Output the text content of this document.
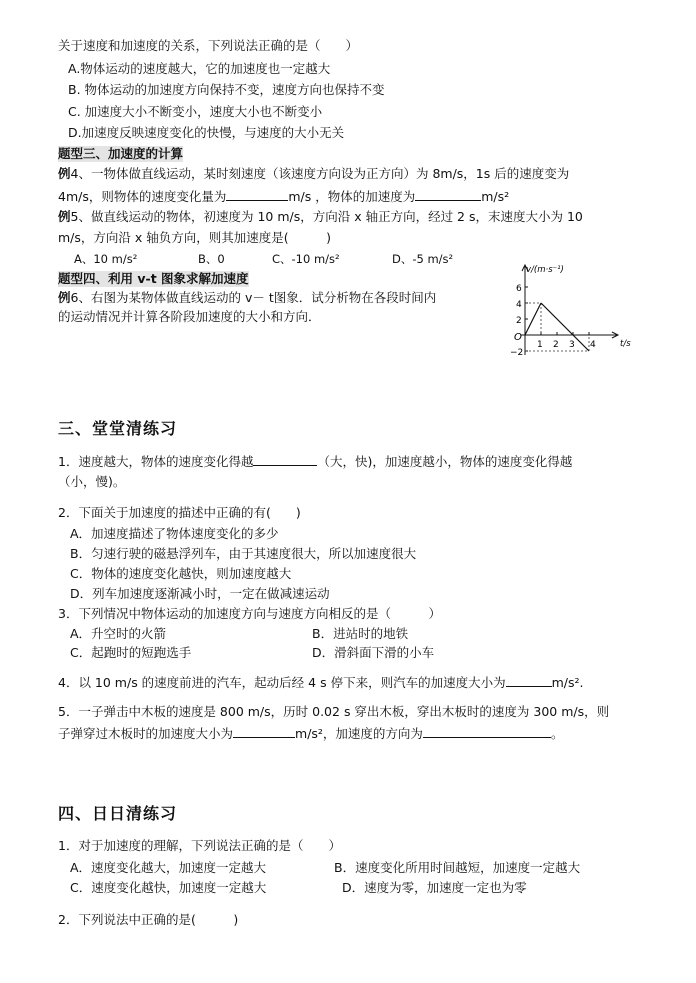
关于速度和加速度的关系，下列说法正确的是（　　）
A.物体运动的速度越大，它的加速度也一定越大
B. 物体运动的加速度方向保持不变，速度方向也保持不变
C. 加速度大小不断变小，速度大小也不断变小
D.加速度反映速度变化的快慢，与速度的大小无关
题型三、加速度的计算
例4、一物体做直线运动，某时刻速度（该速度方向设为正方向）为 8m/s，1s 后的速度变为
4m/s，则物体的速度变化量为	m/s ，物体的加速度为	m/s²
例5、做直线运动的物体，初速度为 10 m/s，方向沿 x 轴正方向，经过 2 s，末速度大小为 10
m/s，方向沿 x 轴负方向，则其加速度是(　　　)
A、10 m/s²	B、0	C、-10 m/s²	D、-5 m/s²
题型四、利用 v-t 图象求解加速度
例6、右图为某物体做直线运动的 v－ t图象．试分析物在各段时间内
的运动情况并计算各阶段加速度的大小和方向．
v/(m·s⁻¹)
t/s
O
6
4
2
−2
1 2 3 4
三、堂堂清练习
1．速度越大，物体的速度变化得越	（大，快)，加速度越小，物体的速度变化得越
（小，慢)。
2．下面关于加速度的描述中正确的有(　　)
A．加速度描述了物体速度变化的多少
B．匀速行驶的磁悬浮列车，由于其速度很大，所以加速度很大
C．物体的速度变化越快，则加速度越大
D．列车加速度逐渐减小时，一定在做减速运动
3．下列情况中物体运动的加速度方向与速度方向相反的是（　　　）
A．升空时的火箭	B．进站时的地铁
C．起跑时的短跑选手	D．滑斜面下滑的小车
4．以 10 m/s 的速度前进的汽车，起动后经 4 s 停下来，则汽车的加速度大小为	m/s².
5．一子弹击中木板的速度是 800 m/s，历时 0.02 s 穿出木板，穿出木板时的速度为 300 m/s，则
子弹穿过木板时的加速度大小为	m/s²，加速度的方向为	。
四、日日清练习
1．对于加速度的理解，下列说法正确的是（　　）
A．速度变化越大，加速度一定越大	B．速度变化所用时间越短，加速度一定越大
C．速度变化越快，加速度一定越大	D．速度为零，加速度一定也为零
2．下列说法中正确的是(　　　)
